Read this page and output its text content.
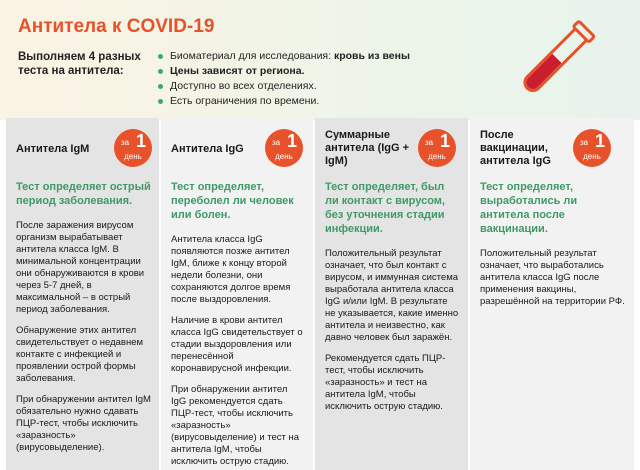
Антитела к COVID-19
Выполняем 4 разных теста на антитела:
Биоматериал для исследования: кровь из вены
Цены зависят от региона.
Доступно во всех отделениях.
Есть ограничения по времени.
Антитела IgM
за 1
день
Тест определяет острый период заболевания.

После заражения вирусом организм вырабатывает антитела класса IgM. В минимальной концентрации они обнаруживаются в крови через 5-7 дней, в максимальной – в острый период заболевания.

Обнаружение этих антител свидетельствует о недавнем контакте с инфекцией и проявлении острой формы заболевания.

При обнаружении антител IgM обязательно нужно сдавать ПЦР-тест, чтобы исключить «заразность» (вирусовыделение).

Антитела IgG
за 1
день
Тест определяет, переболел ли человек или болен.

Антитела класса IgG появляются позже антител IgM, ближе к концу второй недели болезни, они сохраняются долгое время после выздоровления.

Наличие в крови антител класса IgG свидетельствует о стадии выздоровления или перенесённой коронавирусной инфекции.

При обнаружении антител IgG рекомендуется сдать ПЦР-тест, чтобы исключить «заразность» (вирусовыделение) и тест на антитела IgM, чтобы исключить острую стадию.

Суммарные антитела (IgG + IgM)
за 1
день
Тест определяет, был ли контакт с вирусом, без уточнения стадии инфекции.

Положительный результат означает, что был контакт с вирусом, и иммунная система выработала антитела класса IgG и/или IgM. В результате не указывается, какие именно антитела и неизвестно, как давно человек был заражён.

Рекомендуется сдать ПЦР-тест, чтобы исключить «заразность» и тест на антитела IgM, чтобы исключить острую стадию.

После вакцинации, антитела IgG
за 1
день
Тест определяет, выработались ли антитела после вакцинации.

Положительный результат означает, что выработались антитела класса IgG после применения вакцины, разрешённой на территории РФ.
